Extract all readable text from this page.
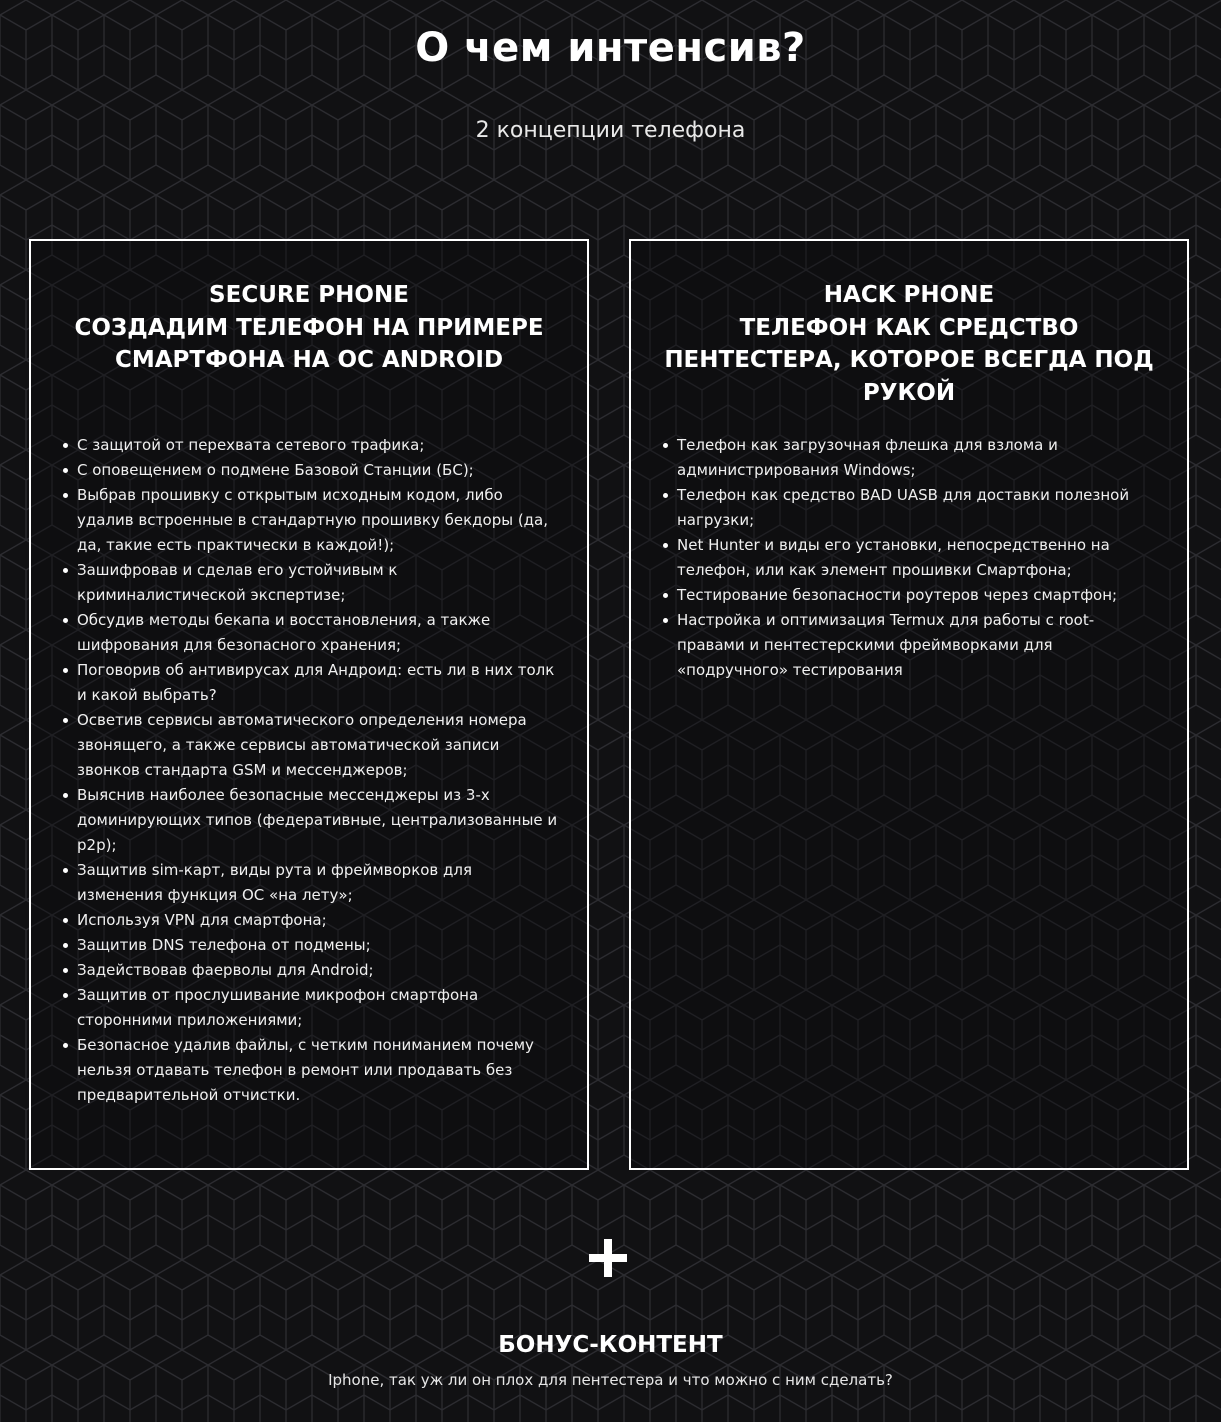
О чем интенсив?

2 концепции телефона

SECURE PHONE
СОЗДАДИМ ТЕЛЕФОН НА ПРИМЕРЕ СМАРТФОНА НА ОС ANDROID
С защитой от перехвата сетевого трафика;
С оповещением о подмене Базовой Станции (БС);
Выбрав прошивку с открытым исходным кодом, либо удалив встроенные в стандартную прошивку бекдоры (да, да, такие есть практически в каждой!);
Зашифровав и сделав его устойчивым к криминалистической экспертизе;
Обсудив методы бекапа и восстановления, а также шифрования для безопасного хранения;
Поговорив об антивирусах для Андроид: есть ли в них толк и какой выбрать?
Осветив сервисы автоматического определения номера звонящего, а также сервисы автоматической записи звонков стандарта GSM и мессенджеров;
Выяснив наиболее безопасные мессенджеры из 3-х доминирующих типов (федеративные, централизованные и p2p);
Защитив sim-карт, виды рута и фреймворков для изменения функция ОС «на лету»;
Используя VPN для смартфона;
Защитив DNS телефона от подмены;
Задействовав фаерволы для Android;
Защитив от прослушивание микрофон смартфона сторонними приложениями;
Безопасное удалив файлы, с четким пониманием почему нельзя отдавать телефон в ремонт или продавать без предварительной отчистки.
HACK PHONE
ТЕЛЕФОН КАК СРЕДСТВО ПЕНТЕСТЕРА, КОТОРОЕ ВСЕГДА ПОД РУКОЙ
Телефон как загрузочная флешка для взлома и администрирования Windows;
Телефон как средство BAD UASB для доставки полезной нагрузки;
Net Hunter и виды его установки, непосредственно на телефон, или как элемент прошивки Смартфона;
Тестирование безопасности роутеров через смартфон;
Настройка и оптимизация Termux для работы с root-правами и пентестерскими фреймворками для «подручного» тестирования
БОНУС-КОНТЕНТ

Iphone, так уж ли он плох для пентестера и что можно с ним сделать?
